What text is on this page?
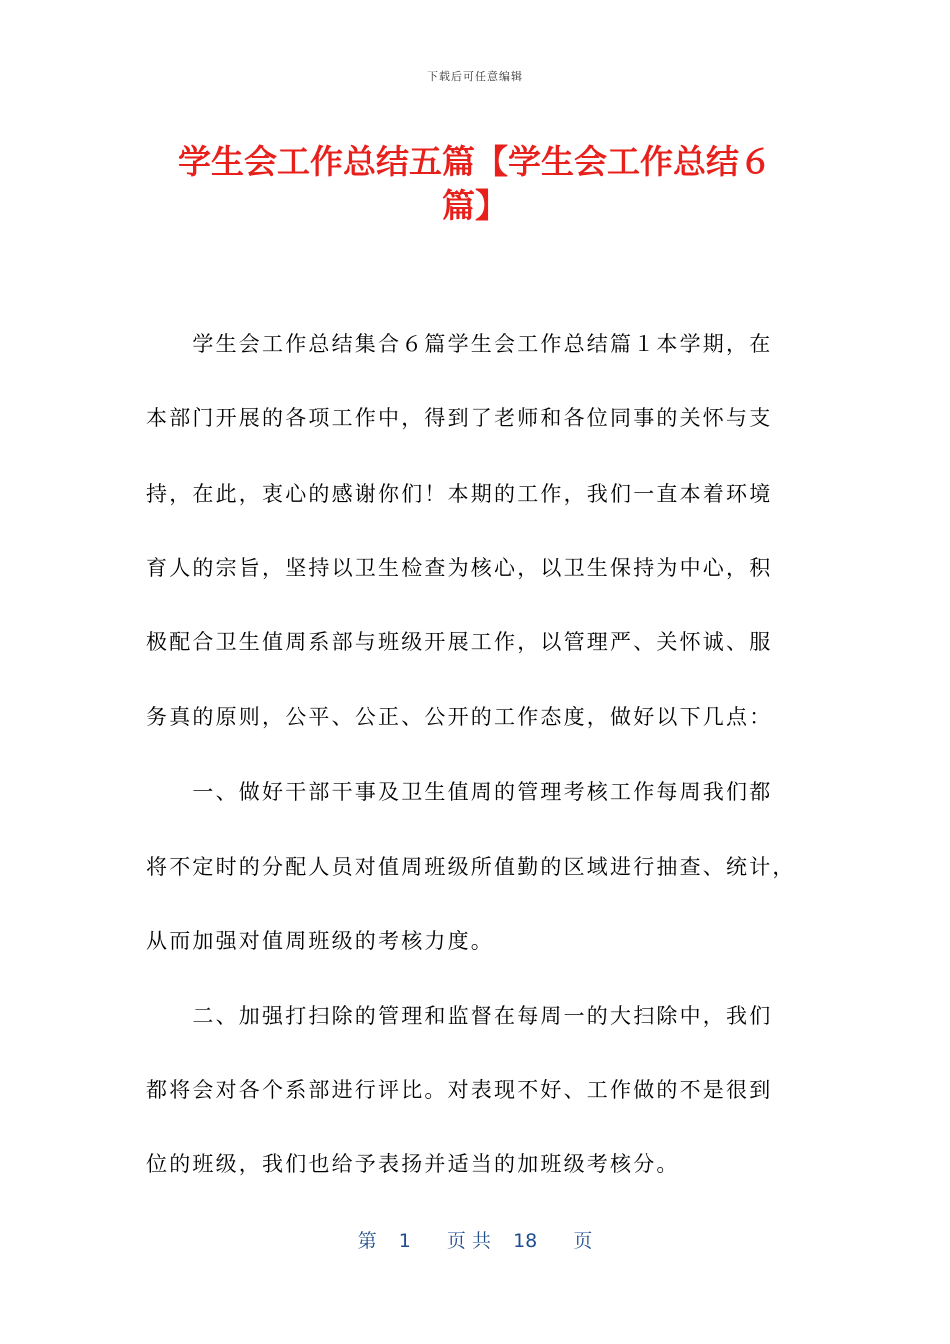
下载后可任意编辑
学生会工作总结五篇【学生会工作总结６
篇】
　　学生会工作总结集合６篇学生会工作总结篇１本学期，在
本部门开展的各项工作中，得到了老师和各位同事的关怀与支
持，在此，衷心的感谢你们！本期的工作，我们一直本着环境
育人的宗旨，坚持以卫生检查为核心，以卫生保持为中心，积
极配合卫生值周系部与班级开展工作，以管理严、关怀诚、服
务真的原则，公平、公正、公开的工作态度，做好以下几点：
　　一、做好干部干事及卫生值周的管理考核工作每周我们都
将不定时的分配人员对值周班级所值勤的区域进行抽查、统计，
从而加强对值周班级的考核力度。
　　二、加强打扫除的管理和监督在每周一的大扫除中，我们
都将会对各个系部进行评比。对表现不好、工作做的不是很到
位的班级，我们也给予表扬并适当的加班级考核分。
第 1 页 共 18 页
